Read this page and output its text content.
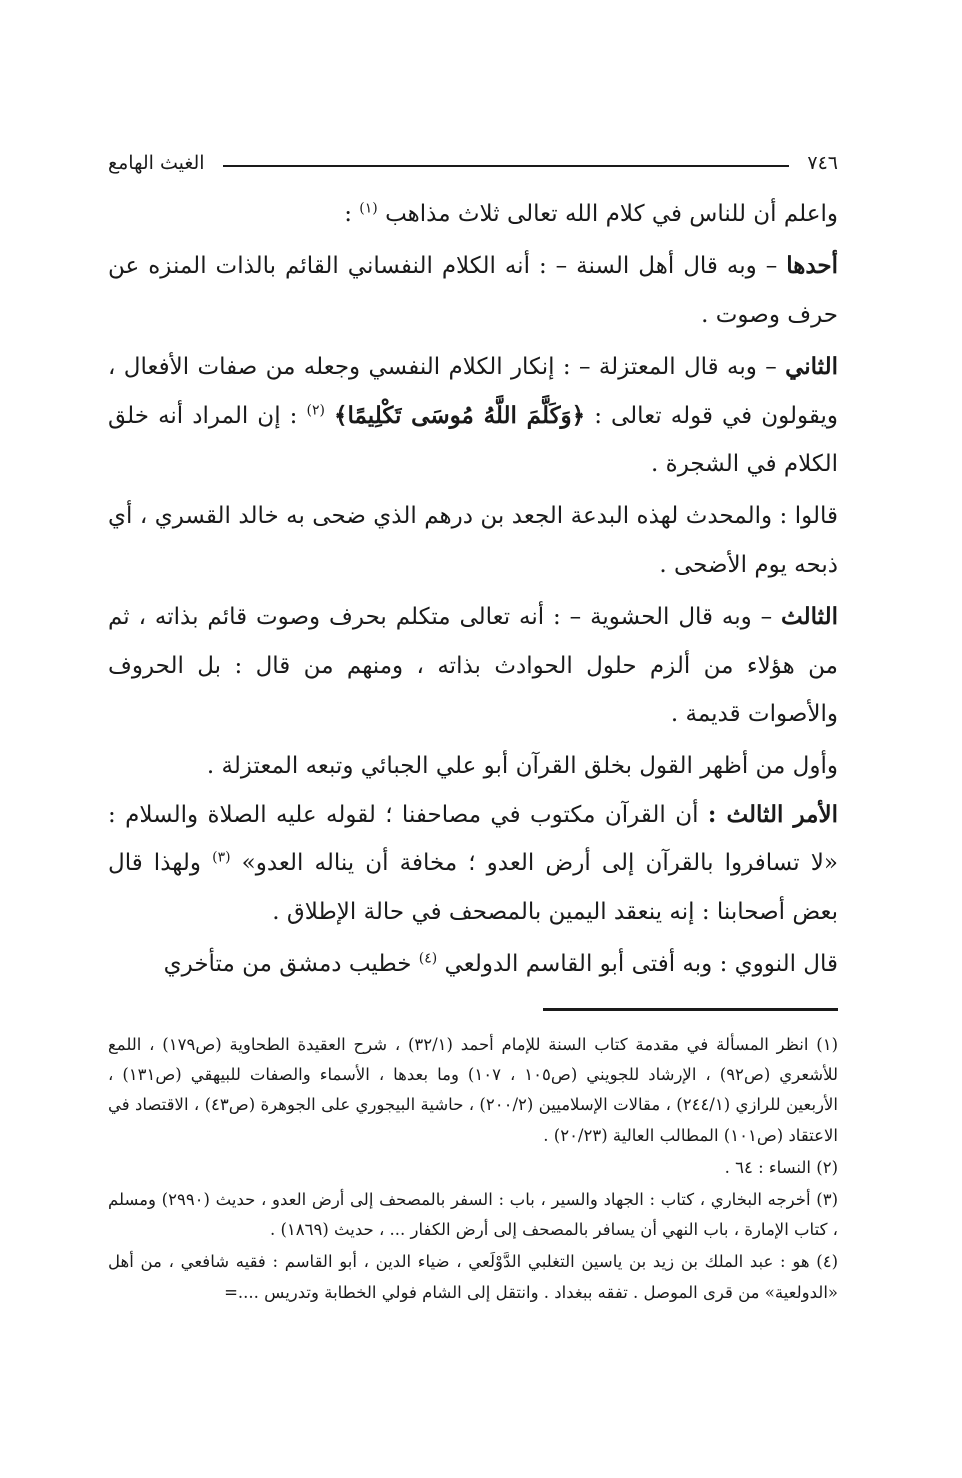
٧٤٦
الغيث الهامع

واعلم أن للناس في كلام الله تعالى ثلاث مذاهب $^{(١)}$ :

أحدها – وبه قال أهل السنة – : أنه الكلام النفساني القائم بالذات المنزه عن حرف وصوت .

الثاني – وبه قال المعتزلة – : إنكار الكلام النفسي وجعله من صفات الأفعال ، ويقولون في قوله تعالى : ﴿وَكَلَّمَ اللَّهُ مُوسَى تَكْلِيمًا﴾ $^{(٢)}$ : إن المراد أنه خلق الكلام في الشجرة .

قالوا : والمحدث لهذه البدعة الجعد بن درهم الذي ضحى به خالد القسري ، أي ذبحه يوم الأضحى .

الثالث – وبه قال الحشوية – : أنه تعالى متكلم بحرف وصوت قائم بذاته ، ثم من هؤلاء من ألزم حلول الحوادث بذاته ، ومنهم من قال : بل الحروف والأصوات قديمة .

وأول من أظهر القول بخلق القرآن أبو علي الجبائي وتبعه المعتزلة .

الأمر الثالث : أن القرآن مكتوب في مصاحفنا ؛ لقوله عليه الصلاة والسلام : «لا تسافروا بالقرآن إلى أرض العدو ؛ مخافة أن يناله العدو» $^{(٣)}$ ولهذا قال بعض أصحابنا : إنه ينعقد اليمين بالمصحف في حالة الإطلاق .

قال النووي : وبه أفتى أبو القاسم الدولعي $^{(٤)}$ خطيب دمشق من متأخري

(١) انظر المسألة في مقدمة كتاب السنة للإمام أحمد (٣٢/١) ، شرح العقيدة الطحاوية (ص١٧٩) ، اللمع للأشعري (ص٩٢) ، الإرشاد للجويني (ص١٠٥ ، ١٠٧) وما بعدها ، الأسماء والصفات للبيهقي (ص١٣١) ، الأربعين للرازي (٢٤٤/١) ، مقالات الإسلاميين (٢٠٠/٢) ، حاشية البيجوري على الجوهرة (ص٤٣) ، الاقتصاد في الاعتقاد (ص١٠١) المطالب العالية (٢٠/٢٣) .

(٢) النساء : ٦٤ .

(٣) أخرجه البخاري ، كتاب : الجهاد والسير ، باب : السفر بالمصحف إلى أرض العدو ، حديث (٢٩٩٠) ومسلم ، كتاب الإمارة ، باب النهي أن يسافر بالمصحف إلى أرض الكفار ... ، حديث (١٨٦٩) .

(٤) هو : عبد الملك بن زيد بن ياسين التغلبي الدَّوْلَعي ، ضياء الدين ، أبو القاسم : فقيه شافعي ، من أهل «الدولعية» من قرى الموصل . تفقه ببغداد . وانتقل إلى الشام فولي الخطابة وتدريس ....=
